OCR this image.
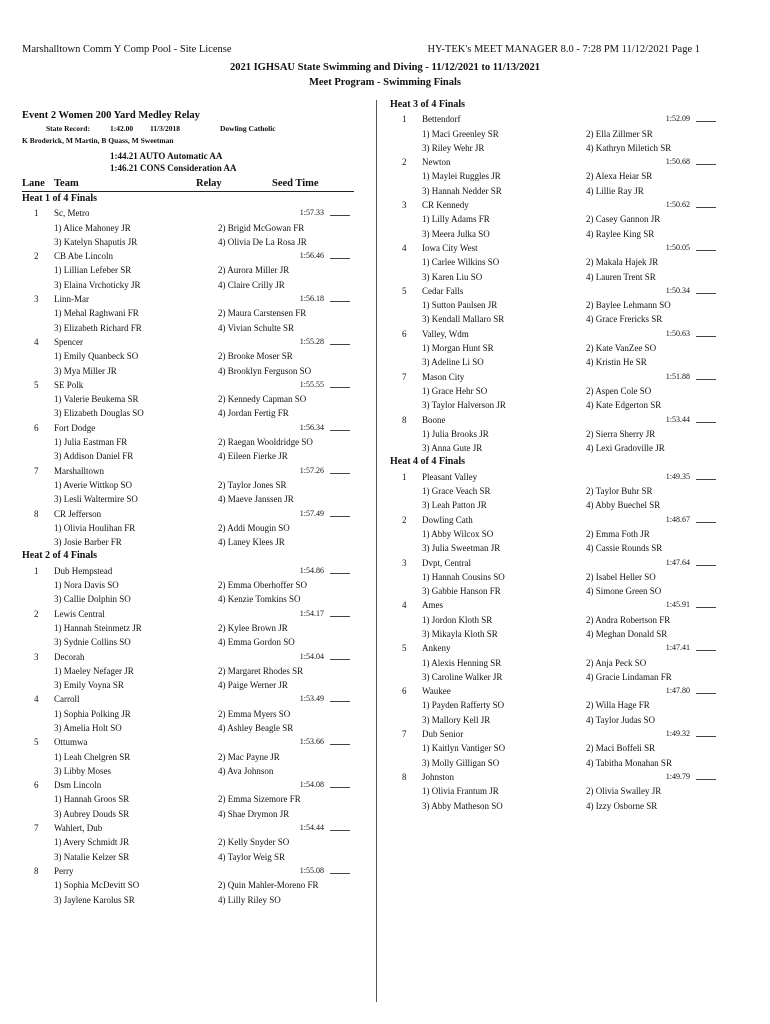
Marshalltown Comm Y Comp Pool - Site License	HY-TEK's MEET MANAGER 8.0 - 7:28 PM 11/12/2021 Page 1
2021 IGHSAU State Swimming and Diving - 11/12/2021 to 11/13/2021
Meet Program - Swimming Finals
Event 2 Women 200 Yard Medley Relay
State Record:	1:42.00 11/3/2018	Dowling Catholic
K Broderick, M Martin, B Quass, M Sweetman
1:44.21 AUTO Automatic AA
1:46.21 CONS Consideration AA
Lane Team	Relay	Seed Time
Heat 1 of 4 Finals
1 Sc, Metro	1:57.33
1) Alice Mahoney JR	2) Brigid McGowan FR
3) Katelyn Shaputis JR	4) Olivia De La Rosa JR
2 CB Abe Lincoln	1:56.46
1) Lillian Lefeber SR	2) Aurora Miller JR
3) Elaina Vrchoticky JR	4) Claire Crilly JR
3 Linn-Mar	1:56.18
1) Mehal Raghwani FR	2) Maura Carstensen FR
3) Elizabeth Richard FR	4) Vivian Schulte SR
4 Spencer	1:55.28
1) Emily Quanbeck SO	2) Brooke Moser SR
3) Mya Miller JR	4) Brooklyn Ferguson SO
5 SE Polk	1:55.55
1) Valerie Beukema SR	2) Kennedy Capman SO
3) Elizabeth Douglas SO	4) Jordan Fertig FR
6 Fort Dodge	1:56.34
1) Julia Eastman FR	2) Raegan Wooldridge SO
3) Addison Daniel FR	4) Eileen Fierke JR
7 Marshalltown	1:57.26
1) Averie Wittkop SO	2) Taylor Jones SR
3) Lesli Waltermire SO	4) Maeve Janssen JR
8 CR Jefferson	1:57.49
1) Olivia Houlihan FR	2) Addi Mougin SO
3) Josie Barber FR	4) Laney Klees JR
Heat 2 of 4 Finals
1 Dub Hempstead	1:54.86
1) Nora Davis SO	2) Emma Oberhoffer SO
3) Callie Dolphin SO	4) Kenzie Tomkins SO
2 Lewis Central	1:54.17
1) Hannah Steinmetz JR	2) Kylee Brown JR
3) Sydnie Collins SO	4) Emma Gordon SO
3 Decorah	1:54.04
1) Maeley Nefager JR	2) Margaret Rhodes SR
3) Emily Voyna SR	4) Paige Werner JR
4 Carroll	1:53.49
1) Sophia Polking JR	2) Emma Myers SO
3) Amelia Holt SO	4) Ashley Beagle SR
5 Ottumwa	1:53.66
1) Leah Chelgren SR	2) Mac Payne JR
3) Libby Moses	4) Ava Johnson
6 Dsm Lincoln	1:54.08
1) Hannah Groos SR	2) Emma Sizemore FR
3) Aubrey Douds SR	4) Shae Drymon JR
7 Wahlert, Dub	1:54.44
1) Avery Schmidt JR	2) Kelly Snyder SO
3) Natalie Kelzer SR	4) Taylor Weig SR
8 Perry	1:55.08
1) Sophia McDevitt SO	2) Quin Mahler-Moreno FR
3) Jaylene Karolus SR	4) Lilly Riley SO
Heat 3 of 4 Finals
1 Bettendorf	1:52.09
1) Maci Greenley SR	2) Ella Zillmer SR
3) Riley Wehr JR	4) Kathryn Miletich SR
2 Newton	1:50.68
1) Maylei Ruggles JR	2) Alexa Heiar SR
3) Hannah Nedder SR	4) Lillie Ray JR
3 CR Kennedy	1:50.62
1) Lilly Adams FR	2) Casey Gannon JR
3) Meera Julka SO	4) Raylee King SR
4 Iowa City West	1:50.05
1) Carlee Wilkins SO	2) Makala Hajek JR
3) Karen Liu SO	4) Lauren Trent SR
5 Cedar Falls	1:50.34
1) Sutton Paulsen JR	2) Baylee Lehmann SO
3) Kendall Mallaro SR	4) Grace Frericks SR
6 Valley, Wdm	1:50.63
1) Morgan Hunt SR	2) Kate VanZee SO
3) Adeline Li SO	4) Kristin He SR
7 Mason City	1:51.88
1) Grace Hehr SO	2) Aspen Cole SO
3) Taylor Halverson JR	4) Kate Edgerton SR
8 Boone	1:53.44
1) Julia Brooks JR	2) Sierra Sherry JR
3) Anna Gute JR	4) Lexi Gradoville JR
Heat 4 of 4 Finals
1 Pleasant Valley	1:49.35
1) Grace Veach SR	2) Taylor Buhr SR
3) Leah Patton JR	4) Abby Buechel SR
2 Dowling Cath	1:48.67
1) Abby Wilcox SO	2) Emma Foth JR
3) Julia Sweetman JR	4) Cassie Rounds SR
3 Dvpt, Central	1:47.64
1) Hannah Cousins SO	2) Isabel Heller SO
3) Gabbie Hanson FR	4) Simone Green SO
4 Ames	1:45.91
1) Jordon Kloth SR	2) Andra Robertson FR
3) Mikayla Kloth SR	4) Meghan Donald SR
5 Ankeny	1:47.41
1) Alexis Henning SR	2) Anja Peck SO
3) Caroline Walker JR	4) Gracie Lindaman FR
6 Waukee	1:47.80
1) Payden Rafferty SO	2) Willa Hage FR
3) Mallory Kell JR	4) Taylor Judas SO
7 Dub Senior	1:49.32
1) Kaitlyn Vantiger SO	2) Maci Boffeli SR
3) Molly Gilligan SO	4) Tabitha Monahan SR
8 Johnston	1:49.79
1) Olivia Frantum JR	2) Olivia Swalley JR
3) Abby Matheson SO	4) Izzy Osborne SR
